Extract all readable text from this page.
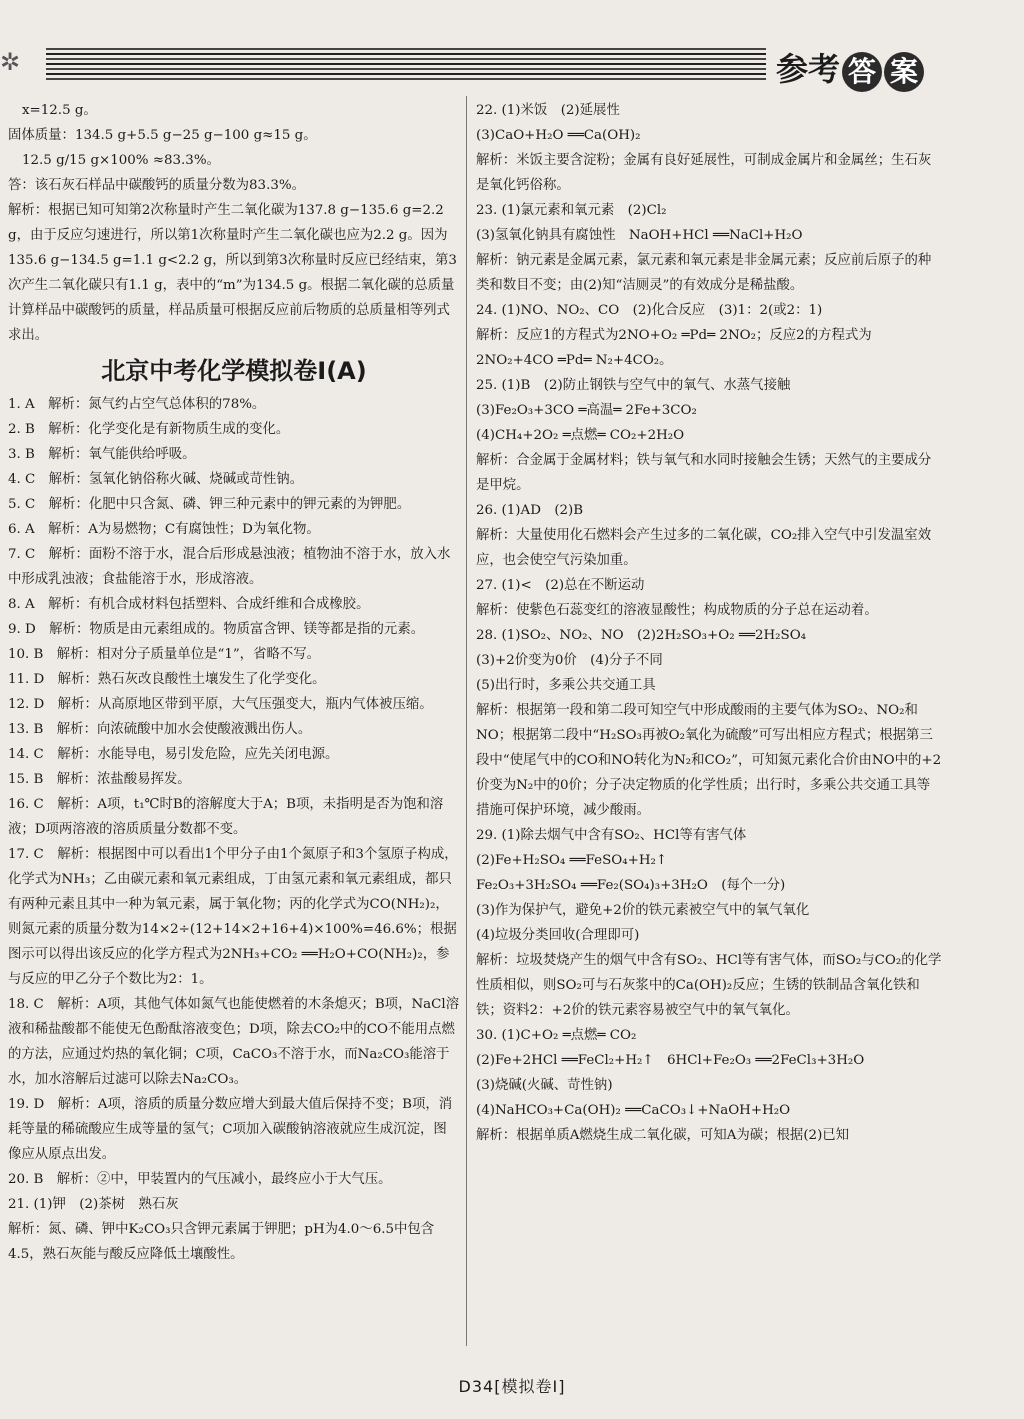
✲	参考 答 案

x=12.5 g。

固体质量：134.5 g+5.5 g−25 g−100 g≈15 g。

12.5 g/15 g×100% ≈83.3%。

答：该石灰石样品中碳酸钙的质量分数为83.3%。

解析：根据已知可知第2次称量时产生二氧化碳为137.8 g−135.6 g=2.2 g，由于反应匀速进行，所以第1次称量时产生二氧化碳也应为2.2 g。因为135.6 g−134.5 g=1.1 g<2.2 g，所以到第3次称量时反应已经结束，第3次产生二氧化碳只有1.1 g，表中的“m”为134.5 g。根据二氧化碳的总质量计算样品中碳酸钙的质量，样品质量可根据反应前后物质的总质量相等列式求出。

北京中考化学模拟卷Ⅰ(A)

1. A　解析：氮气约占空气总体积的78%。

2. B　解析：化学变化是有新物质生成的变化。

3. B　解析：氧气能供给呼吸。

4. C　解析：氢氧化钠俗称火碱、烧碱或苛性钠。

5. C　解析：化肥中只含氮、磷、钾三种元素中的钾元素的为钾肥。

6. A　解析：A为易燃物；C有腐蚀性；D为氧化物。

7. C　解析：面粉不溶于水，混合后形成悬浊液；植物油不溶于水，放入水中形成乳浊液；食盐能溶于水，形成溶液。

8. A　解析：有机合成材料包括塑料、合成纤维和合成橡胶。

9. D　解析：物质是由元素组成的。物质富含钾、镁等都是指的元素。

10. B　解析：相对分子质量单位是“1”，省略不写。

11. D　解析：熟石灰改良酸性土壤发生了化学变化。

12. D　解析：从高原地区带到平原，大气压强变大，瓶内气体被压缩。

13. B　解析：向浓硫酸中加水会使酸液溅出伤人。

14. C　解析：水能导电，易引发危险，应先关闭电源。

15. B　解析：浓盐酸易挥发。

16. C　解析：A项，t₁℃时B的溶解度大于A；B项，未指明是否为饱和溶液；D项两溶液的溶质质量分数都不变。

17. C　解析：根据图中可以看出1个甲分子由1个氮原子和3个氢原子构成，化学式为NH₃；乙由碳元素和氧元素组成，丁由氢元素和氧元素组成，都只有两种元素且其中一种为氧元素，属于氧化物；丙的化学式为CO(NH₂)₂，则氮元素的质量分数为14×2÷(12+14×2+16+4)×100%=46.6%；根据图示可以得出该反应的化学方程式为2NH₃+CO₂ ══H₂O+CO(NH₂)₂，参与反应的甲乙分子个数比为2：1。

18. C　解析：A项，其他气体如氮气也能使燃着的木条熄灭；B项，NaCl溶液和稀盐酸都不能使无色酚酞溶液变色；D项，除去CO₂中的CO不能用点燃的方法，应通过灼热的氧化铜；C项，CaCO₃不溶于水，而Na₂CO₃能溶于水，加水溶解后过滤可以除去Na₂CO₃。

19. D　解析：A项，溶质的质量分数应增大到最大值后保持不变；B项，消耗等量的稀硫酸应生成等量的氢气；C项加入碳酸钠溶液就应生成沉淀，图像应从原点出发。

20. B　解析：②中，甲装置内的气压减小，最终应小于大气压。

21. (1)钾　(2)茶树　熟石灰

解析：氮、磷、钾中K₂CO₃只含钾元素属于钾肥；pH为4.0～6.5中包含4.5，熟石灰能与酸反应降低土壤酸性。

22. (1)米饭　(2)延展性

(3)CaO+H₂O ══Ca(OH)₂

解析：米饭主要含淀粉；金属有良好延展性，可制成金属片和金属丝；生石灰是氧化钙俗称。

23. (1)氯元素和氧元素　(2)Cl₂

(3)氢氧化钠具有腐蚀性　NaOH+HCl ══NaCl+H₂O

解析：钠元素是金属元素，氯元素和氧元素是非金属元素；反应前后原子的种类和数目不变；由(2)知“洁厕灵”的有效成分是稀盐酸。

24. (1)NO、NO₂、CO　(2)化合反应　(3)1：2(或2：1)

解析：反应1的方程式为2NO+O₂ ═Pd═ 2NO₂；反应2的方程式为 2NO₂+4CO ═Pd═ N₂+4CO₂。

25. (1)B　(2)防止钢铁与空气中的氧气、水蒸气接触

(3)Fe₂O₃+3CO ═高温═ 2Fe+3CO₂

(4)CH₄+2O₂ ═点燃═ CO₂+2H₂O

解析：合金属于金属材料；铁与氧气和水同时接触会生锈；天然气的主要成分是甲烷。

26. (1)AD　(2)B

解析：大量使用化石燃料会产生过多的二氧化碳，CO₂排入空气中引发温室效应，也会使空气污染加重。

27. (1)<　(2)总在不断运动

解析：使紫色石蕊变红的溶液显酸性；构成物质的分子总在运动着。

28. (1)SO₂、NO₂、NO　(2)2H₂SO₃+O₂ ══2H₂SO₄

(3)+2价变为0价　(4)分子不同

(5)出行时，多乘公共交通工具

解析：根据第一段和第二段可知空气中形成酸雨的主要气体为SO₂、NO₂和NO；根据第二段中“H₂SO₃再被O₂氧化为硫酸”可写出相应方程式；根据第三段中“使尾气中的CO和NO转化为N₂和CO₂”，可知氮元素化合价由NO中的+2价变为N₂中的0价；分子决定物质的化学性质；出行时，多乘公共交通工具等措施可保护环境，减少酸雨。

29. (1)除去烟气中含有SO₂、HCl等有害气体

(2)Fe+H₂SO₄ ══FeSO₄+H₂↑

Fe₂O₃+3H₂SO₄ ══Fe₂(SO₄)₃+3H₂O　(每个一分)

(3)作为保护气，避免+2价的铁元素被空气中的氧气氧化

(4)垃圾分类回收(合理即可)

解析：垃圾焚烧产生的烟气中含有SO₂、HCl等有害气体，而SO₂与CO₂的化学性质相似，则SO₂可与石灰浆中的Ca(OH)₂反应；生锈的铁制品含氧化铁和铁；资料2：+2价的铁元素容易被空气中的氧气氧化。

30. (1)C+O₂ ═点燃═ CO₂

(2)Fe+2HCl ══FeCl₂+H₂↑　6HCl+Fe₂O₃ ══2FeCl₃+3H₂O

(3)烧碱(火碱、苛性钠)

(4)NaHCO₃+Ca(OH)₂ ══CaCO₃↓+NaOH+H₂O

解析：根据单质A燃烧生成二氧化碳，可知A为碳；根据(2)已知

D34[模拟卷Ⅰ]
